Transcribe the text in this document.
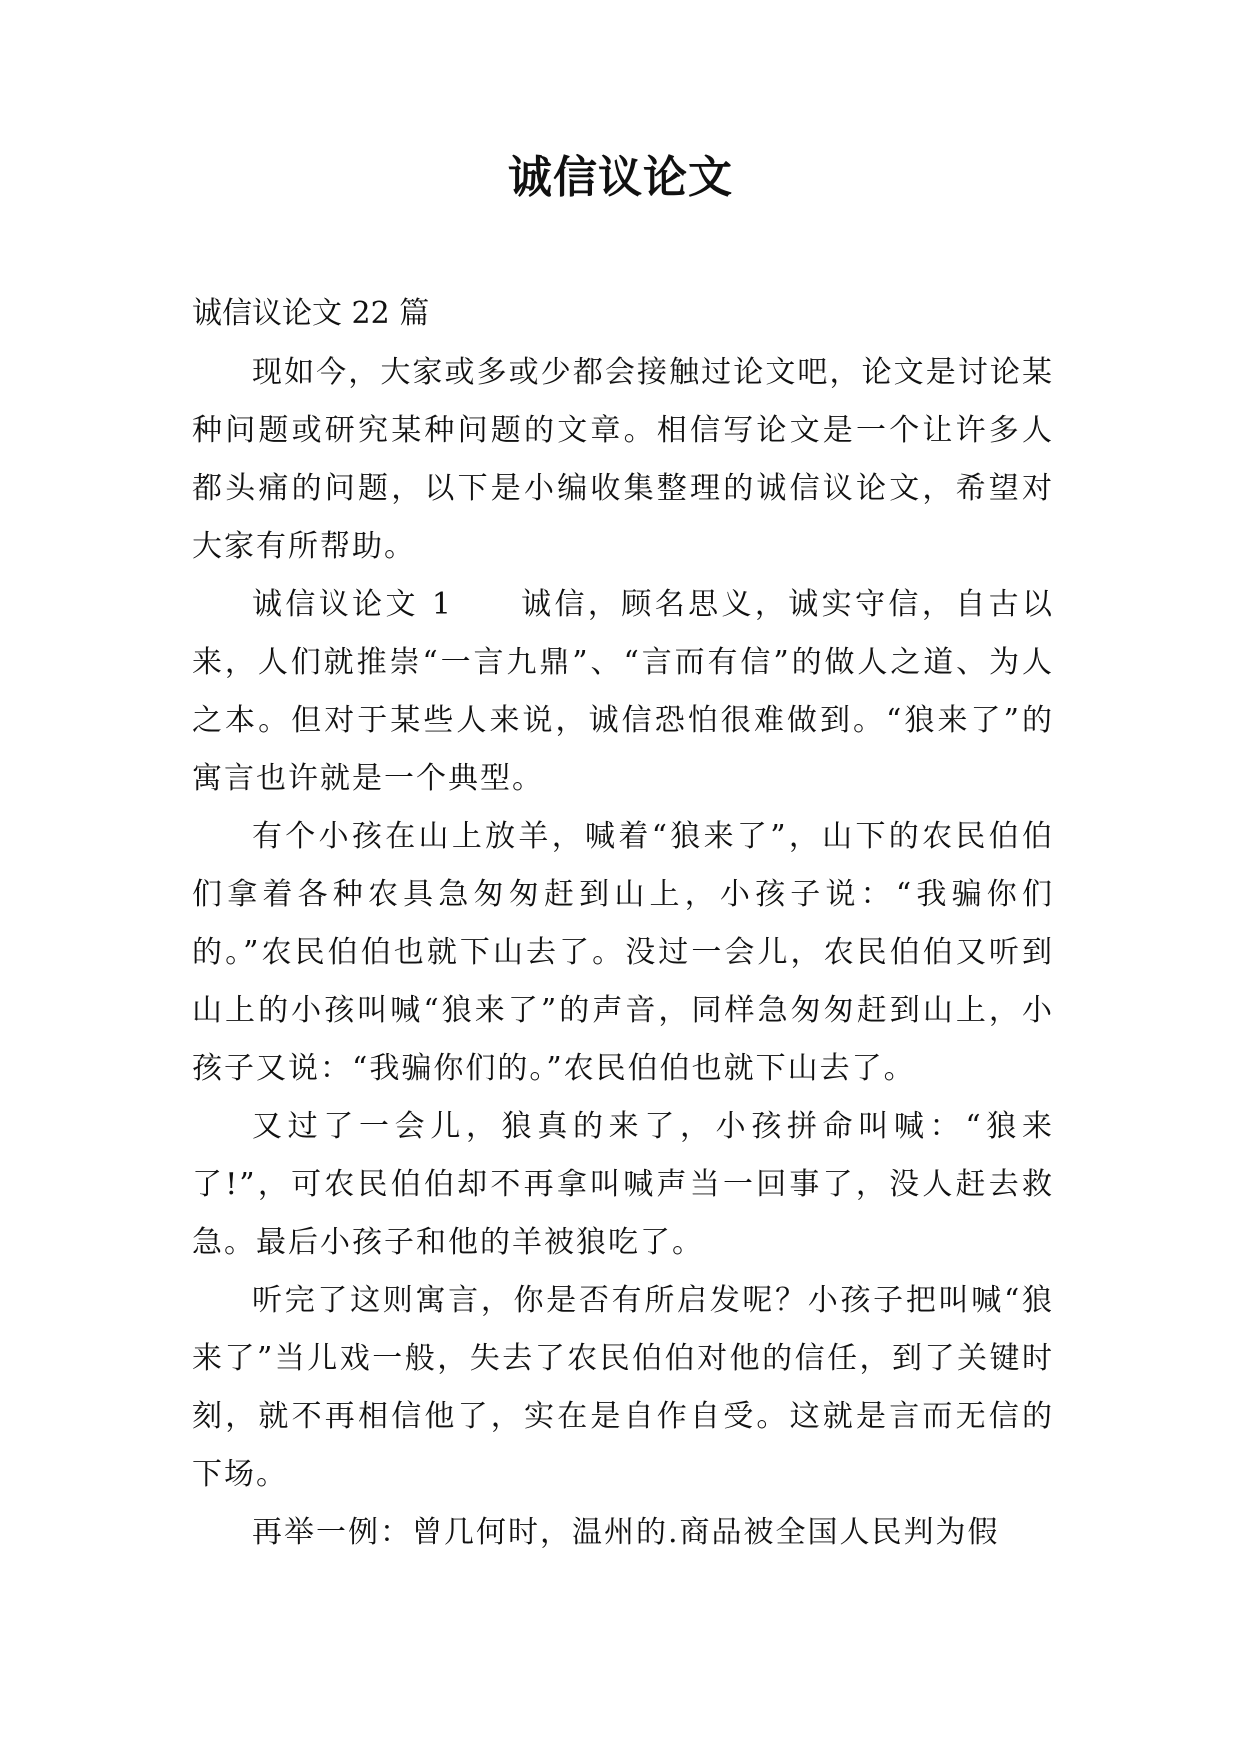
诚信议论文
诚信议论文 22 篇

现如今，大家或多或少都会接触过论文吧，论文是讨论某种问题或研究某种问题的文章。相信写论文是一个让许多人都头痛的问题，以下是小编收集整理的诚信议论文，希望对大家有所帮助。

诚信议论文 1　　诚信，顾名思义，诚实守信，自古以来，人们就推崇“一言九鼎”、“言而有信”的做人之道、为人之本。但对于某些人来说，诚信恐怕很难做到。“狼来了”的寓言也许就是一个典型。

有个小孩在山上放羊，喊着“狼来了”，山下的农民伯伯们拿着各种农具急匆匆赶到山上，小孩子说：“我骗你们的。”农民伯伯也就下山去了。没过一会儿，农民伯伯又听到山上的小孩叫喊“狼来了”的声音，同样急匆匆赶到山上，小孩子又说：“我骗你们的。”农民伯伯也就下山去了。

又过了一会儿，狼真的来了，小孩拼命叫喊：“狼来了!”，可农民伯伯却不再拿叫喊声当一回事了，没人赶去救急。最后小孩子和他的羊被狼吃了。

听完了这则寓言，你是否有所启发呢？小孩子把叫喊“狼来了”当儿戏一般，失去了农民伯伯对他的信任，到了关键时刻，就不再相信他了，实在是自作自受。这就是言而无信的下场。

再举一例：曾几何时，温州的.商品被全国人民判为假
